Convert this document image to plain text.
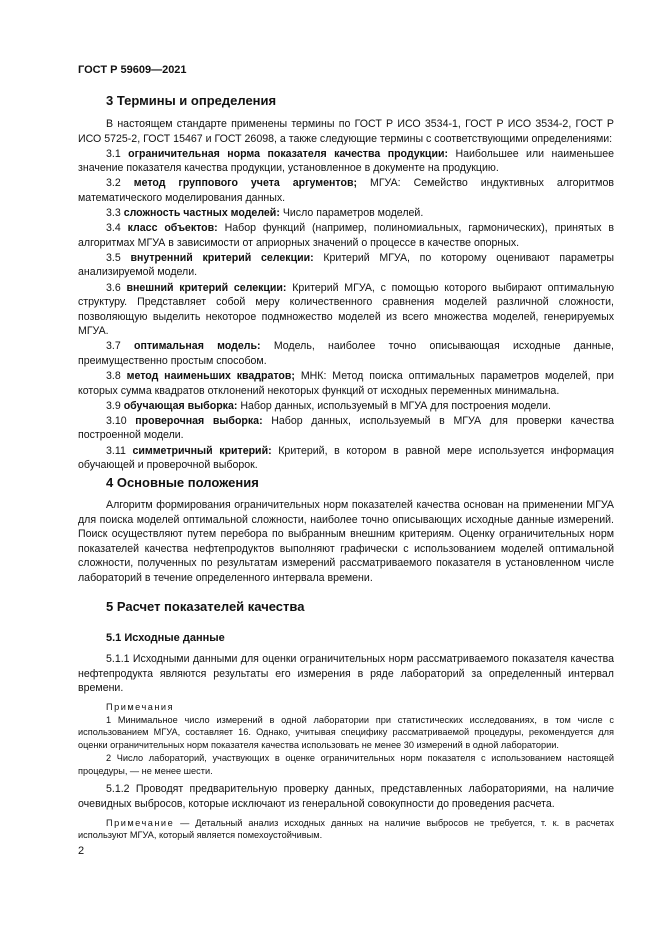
ГОСТ Р 59609—2021
3 Термины и определения

В настоящем стандарте применены термины по ГОСТ Р ИСО 3534-1, ГОСТ Р ИСО 3534-2, ГОСТ Р ИСО 5725-2, ГОСТ 15467 и ГОСТ 26098, а также следующие термины с соответствующими определениями:

3.1 ограничительная норма показателя качества продукции: Наибольшее или наименьшее значение показателя качества продукции, установленное в документе на продукцию.

3.2 метод группового учета аргументов; МГУА: Семейство индуктивных алгоритмов математического моделирования данных.

3.3 сложность частных моделей: Число параметров моделей.

3.4 класс объектов: Набор функций (например, полиномиальных, гармонических), принятых в алгоритмах МГУА в зависимости от априорных значений о процессе в качестве опорных.

3.5 внутренний критерий селекции: Критерий МГУА, по которому оценивают параметры анализируемой модели.

3.6 внешний критерий селекции: Критерий МГУА, с помощью которого выбирают оптимальную структуру. Представляет собой меру количественного сравнения моделей различной сложности, позволяющую выделить некоторое подмножество моделей из всего множества моделей, генерируемых МГУА.

3.7 оптимальная модель: Модель, наиболее точно описывающая исходные данные, преимущественно простым способом.

3.8 метод наименьших квадратов; МНК: Метод поиска оптимальных параметров моделей, при которых сумма квадратов отклонений некоторых функций от исходных переменных минимальна.

3.9 обучающая выборка: Набор данных, используемый в МГУА для построения модели.

3.10 проверочная выборка: Набор данных, используемый в МГУА для проверки качества построенной модели.

3.11 симметричный критерий: Критерий, в котором в равной мере используется информация обучающей и проверочной выборок.

4 Основные положения

Алгоритм формирования ограничительных норм показателей качества основан на применении МГУА для поиска моделей оптимальной сложности, наиболее точно описывающих исходные данные измерений. Поиск осуществляют путем перебора по выбранным внешним критериям. Оценку ограничительных норм показателей качества нефтепродуктов выполняют графически с использованием моделей оптимальной сложности, полученных по результатам измерений рассматриваемого показателя в установленном числе лабораторий в течение определенного интервала времени.

5 Расчет показателей качества
5.1 Исходные данные

5.1.1 Исходными данными для оценки ограничительных норм рассматриваемого показателя качества нефтепродукта являются результаты его измерения в ряде лабораторий за определенный интервал времени.

Примечания

1 Минимальное число измерений в одной лаборатории при статистических исследованиях, в том числе с использованием МГУА, составляет 16. Однако, учитывая специфику рассматриваемой процедуры, рекомендуется для оценки ограничительных норм показателя качества использовать не менее 30 измерений в одной лаборатории.

2 Число лабораторий, участвующих в оценке ограничительных норм показателя с использованием настоящей процедуры, — не менее шести.

5.1.2 Проводят предварительную проверку данных, представленных лабораториями, на наличие очевидных выбросов, которые исключают из генеральной совокупности до проведения расчета.

Примечание — Детальный анализ исходных данных на наличие выбросов не требуется, т. к. в расчетах используют МГУА, который является помехоустойчивым.

2
